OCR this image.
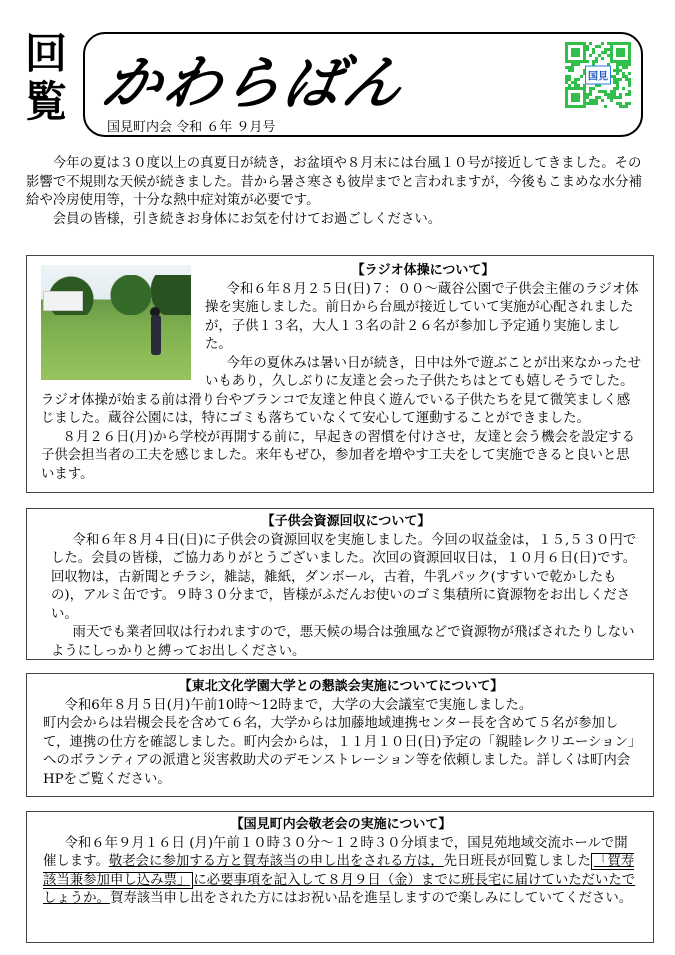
回
覧 かわらばん
国見町内会 令和 ６年 ９月号
国見

今年の夏は３０度以上の真夏日が続き，お盆頃や８月末には台風１０号が接近してきました。その影響で不規則な天候が続きました。昔から暑さ寒さも彼岸までと言われますが，今後もこまめな水分補給や冷房使用等，十分な熱中症対策が必要です。

会員の皆様，引き続きお身体にお気を付けてお過ごしください。

【ラジオ体操について】

令和６年８月２５日(日)７：００～蔵谷公園で子供会主催のラジオ体操を実施しました。前日から台風が接近していて実施が心配されましたが，子供１３名，大人１３名の計２６名が参加し予定通り実施しました。

今年の夏休みは暑い日が続き，日中は外で遊ぶことが出来なかったせいもあり，久しぶりに友達と会った子供たちはとても嬉しそうでした。ラジオ体操が始まる前は滑り台やブランコで友達と仲良く遊んでいる子供たちを見て微笑ましく感じました。蔵谷公園には，特にゴミも落ちていなくて安心して運動することができました。

８月２６日(月)から学校が再開する前に，早起きの習慣を付けさせ，友達と会う機会を設定する子供会担当者の工夫を感じました。来年もぜひ，参加者を増やす工夫をして実施できると良いと思います。

【子供会資源回収について】

令和６年８月４日(日)に子供会の資源回収を実施しました。今回の収益金は，１５,５３０円でした。会員の皆様，ご協力ありがとうございました。次回の資源回収日は，１０月６日(日)です。回収物は，古新聞とチラシ，雑誌，雑紙，ダンボール，古着，牛乳パック(すすいで乾かしたもの)，アルミ缶です。９時３０分まで，皆様がふだんお使いのゴミ集積所に資源物をお出しください。

雨天でも業者回収は行われますので，悪天候の場合は強風などで資源物が飛ばされたりしないようにしっかりと縛ってお出しください。

【東北文化学園大学との懇談会実施についてについて】

令和6年８月５日(月)午前10時～12時まで，大学の大会議室で実施しました。

町内会からは岩槻会長を含めて６名，大学からは加藤地域連携センター長を含めて５名が参加して，連携の仕方を確認しました。町内会からは，１１月１０日(日)予定の「親睦レクリエーション」へのボランティアの派遣と災害救助犬のデモンストレーション等を依頼しました。詳しくは町内会HPをご覧ください。
【国見町内会敬老会の実施について】

令和６年９月１６日 (月)午前１０時３０分～１２時３０分頃まで，国見苑地域交流ホールで開催します。敬老会に参加する方と賀寿該当の申し出をされる方は，先日班長が回覧しました 「賀寿該当兼参加申し込み票」 に必要事項を記入して８月９日（金）までに班長宅に届けていただいたでしょうか。賀寿該当申し出をされた方にはお祝い品を進呈しますので楽しみにしていてください。
